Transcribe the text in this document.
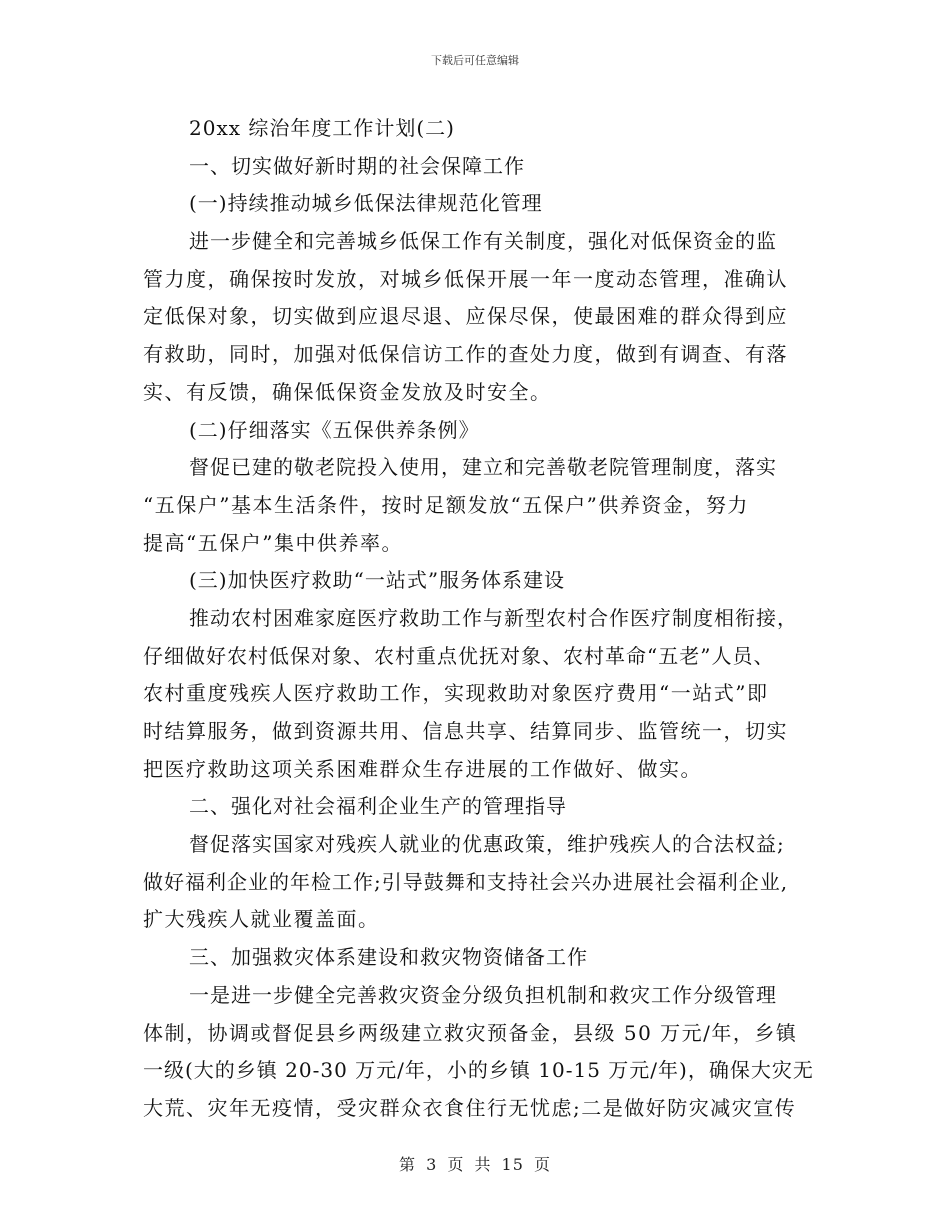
下载后可任意编辑
20xx 综治年度工作计划(二)
一、切实做好新时期的社会保障工作
(一)持续推动城乡低保法律规范化管理
进一步健全和完善城乡低保工作有关制度，强化对低保资金的监
管力度，确保按时发放，对城乡低保开展一年一度动态管理，准确认
定低保对象，切实做到应退尽退、应保尽保，使最困难的群众得到应
有救助，同时，加强对低保信访工作的查处力度，做到有调查、有落
实、有反馈，确保低保资金发放及时安全。
(二)仔细落实《五保供养条例》
督促已建的敬老院投入使用，建立和完善敬老院管理制度，落实
“五保户”基本生活条件，按时足额发放“五保户”供养资金，努力
提高“五保户”集中供养率。
(三)加快医疗救助“一站式”服务体系建设
推动农村困难家庭医疗救助工作与新型农村合作医疗制度相衔接，
仔细做好农村低保对象、农村重点优抚对象、农村革命“五老”人员、
农村重度残疾人医疗救助工作，实现救助对象医疗费用“一站式”即
时结算服务，做到资源共用、信息共享、结算同步、监管统一，切实
把医疗救助这项关系困难群众生存进展的工作做好、做实。
二、强化对社会福利企业生产的管理指导
督促落实国家对残疾人就业的优惠政策，维护残疾人的合法权益;
做好福利企业的年检工作;引导鼓舞和支持社会兴办进展社会福利企业,
扩大残疾人就业覆盖面。
三、加强救灾体系建设和救灾物资储备工作
一是进一步健全完善救灾资金分级负担机制和救灾工作分级管理
体制，协调或督促县乡两级建立救灾预备金，县级 50 万元/年，乡镇
一级(大的乡镇 20-30 万元/年，小的乡镇 10-15 万元/年)，确保大灾无
大荒、灾年无疫情，受灾群众衣食住行无忧虑;二是做好防灾减灾宣传
第 3 页 共 15 页
